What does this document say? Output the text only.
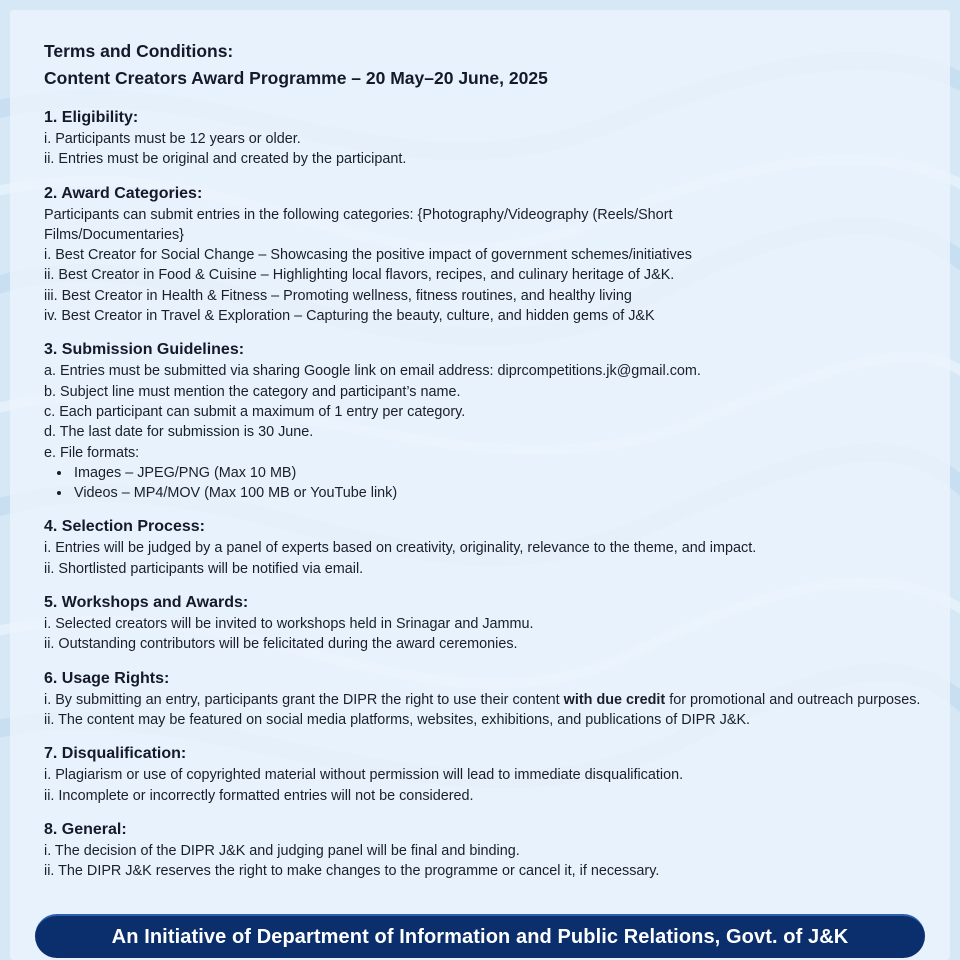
Terms and Conditions:
Content Creators Award Programme – 20 May–20 June, 2025
1. Eligibility:

i. Participants must be 12 years or older.

ii. Entries must be original and created by the participant.

2. Award Categories:

Participants can submit entries in the following categories: {Photography/Videography (Reels/Short Films/Documentaries}

i. Best Creator for Social Change – Showcasing the positive impact of government schemes/initiatives

ii. Best Creator in Food & Cuisine – Highlighting local flavors, recipes, and culinary heritage of J&K.

iii. Best Creator in Health & Fitness – Promoting wellness, fitness routines, and healthy living

iv. Best Creator in Travel & Exploration – Capturing the beauty, culture, and hidden gems of J&K

3. Submission Guidelines:

a. Entries must be submitted via sharing Google link on email address: diprcompetitions.jk@gmail.com.

b. Subject line must mention the category and participant’s name.

c. Each participant can submit a maximum of 1 entry per category.

d. The last date for submission is 30 June.

e. File formats:

• Images – JPEG/PNG (Max 10 MB)
• Videos – MP4/MOV (Max 100 MB or YouTube link)
4. Selection Process:

i. Entries will be judged by a panel of experts based on creativity, originality, relevance to the theme, and impact.

ii. Shortlisted participants will be notified via email.

5. Workshops and Awards:

i. Selected creators will be invited to workshops held in Srinagar and Jammu.

ii. Outstanding contributors will be felicitated during the award ceremonies.

6. Usage Rights:

i. By submitting an entry, participants grant the DIPR the right to use their content with due credit for promotional and outreach purposes.

ii. The content may be featured on social media platforms, websites, exhibitions, and publications of DIPR J&K.

7. Disqualification:

i. Plagiarism or use of copyrighted material without permission will lead to immediate disqualification.

ii. Incomplete or incorrectly formatted entries will not be considered.

8. General:

i. The decision of the DIPR J&K and judging panel will be final and binding.

ii. The DIPR J&K reserves the right to make changes to the programme or cancel it, if necessary.

An Initiative of Department of Information and Public Relations, Govt. of J&K
